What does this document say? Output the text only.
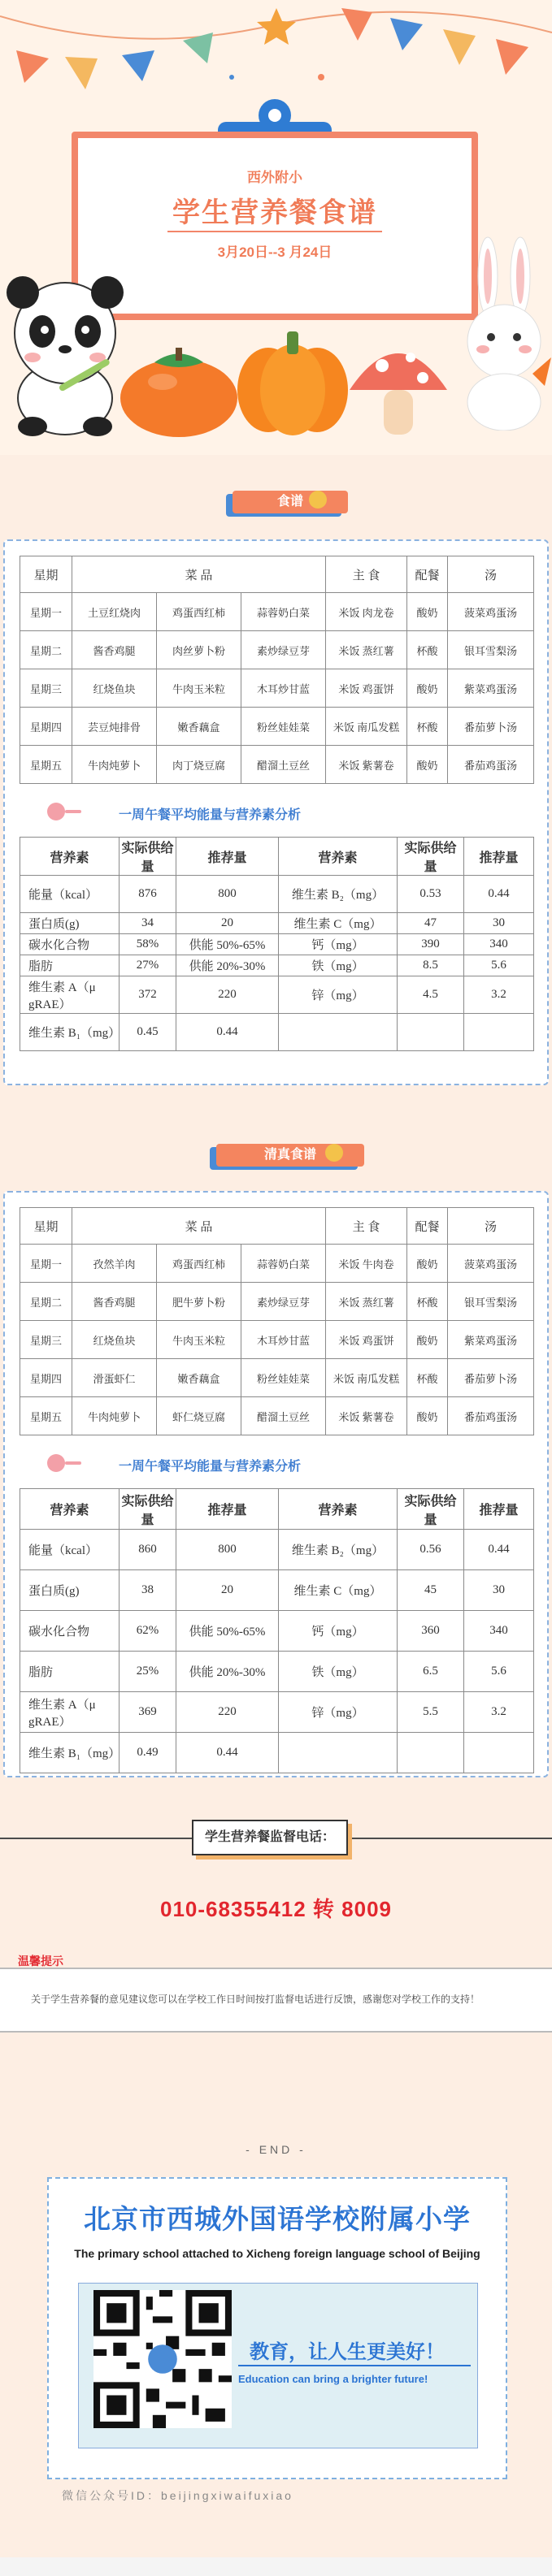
西外附小
学生营养餐食谱
3月20日--3 月24日
食谱
星期	菜 品			主 食	配餐	汤
星期一	土豆红烧肉	鸡蛋西红柿	蒜蓉奶白菜	米饭 肉龙卷	酸奶	菠菜鸡蛋汤
星期二	酱香鸡腿	肉丝萝卜粉	素炒绿豆芽	米饭 蒸红薯	杯酸	银耳雪梨汤
星期三	红烧鱼块	牛肉玉米粒	木耳炒甘蓝	米饭 鸡蛋饼	酸奶	紫菜鸡蛋汤
星期四	芸豆炖排骨	嫩香藕盒	粉丝娃娃菜	米饭 南瓜发糕	杯酸	番茄萝卜汤
星期五	牛肉炖萝卜	肉丁烧豆腐	醋溜土豆丝	米饭 紫薯卷	酸奶	番茄鸡蛋汤
一周午餐平均能量与营养素分析
营养素	实际供给量	推荐量	营养素	实际供给量	推荐量
能量（kcal）	876	800	维生素 B₂（mg）	0.53	0.44
蛋白质(g)	34	20	维生素 C（mg）	47	30
碳水化合物	58%	供能 50%-65%	钙（mg）	390	340
脂肪	27%	供能 20%-30%	铁（mg）	8.5	5.6
维生素 A（μ gRAE）	372	220	锌（mg）	4.5	3.2
维生素 B₁（mg）	0.45	0.44			
清真食谱
星期	菜 品			主 食	配餐	汤
星期一	孜然羊肉	鸡蛋西红柿	蒜蓉奶白菜	米饭 牛肉卷	酸奶	菠菜鸡蛋汤
星期二	酱香鸡腿	肥牛萝卜粉	素炒绿豆芽	米饭 蒸红薯	杯酸	银耳雪梨汤
星期三	红烧鱼块	牛肉玉米粒	木耳炒甘蓝	米饭 鸡蛋饼	酸奶	紫菜鸡蛋汤
星期四	滑蛋虾仁	嫩香藕盒	粉丝娃娃菜	米饭 南瓜发糕	杯酸	番茄萝卜汤
星期五	牛肉炖萝卜	虾仁烧豆腐	醋溜土豆丝	米饭 紫薯卷	酸奶	番茄鸡蛋汤
一周午餐平均能量与营养素分析
营养素	实际供给量	推荐量	营养素	实际供给量	推荐量
能量（kcal）	860	800	维生素 B₂（mg）	0.56	0.44
蛋白质(g)	38	20	维生素 C（mg）	45	30
碳水化合物	62%	供能 50%-65%	钙（mg）	360	340
脂肪	25%	供能 20%-30%	铁（mg）	6.5	5.6
维生素 A（μ gRAE）	369	220	锌（mg）	5.5	3.2
维生素 B₁（mg）	0.49	0.44			
学生营养餐监督电话：
010-68355412 转 8009
温馨提示
关于学生营养餐的意见建议您可以在学校工作日时间按打监督电话进行反馈，感谢您对学校工作的支持！
- END -
北京市西城外国语学校附属小学
The primary school attached to Xicheng foreign language school of Beijing
教育，让人生更美好！
Education can bring a brighter future!
微信公众号ID：beijingxiwaifuxiao
